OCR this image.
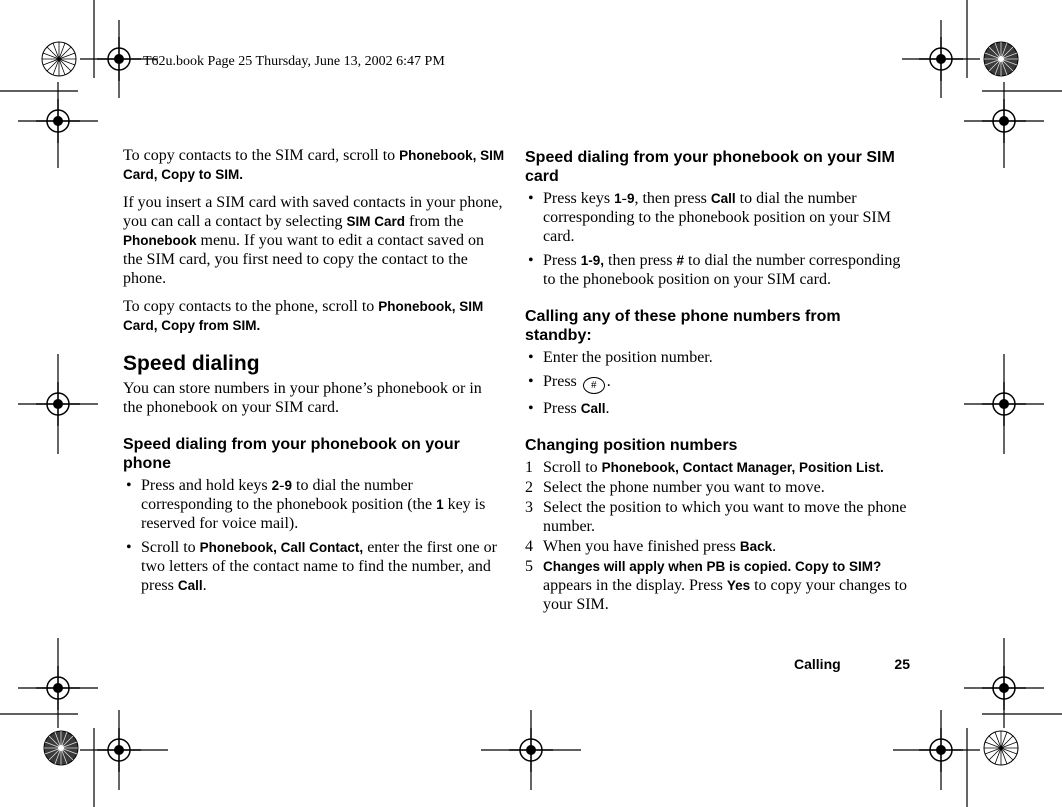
T62u.book Page 25 Thursday, June 13, 2002 6:47 PM

To copy contacts to the SIM card, scroll to Phonebook, SIM Card, Copy to SIM.

If you insert a SIM card with saved contacts in your phone, you can call a contact by selecting SIM Card from the Phonebook menu. If you want to edit a contact saved on the SIM card, you first need to copy the contact to the phone.

To copy contacts to the phone, scroll to Phonebook, SIM Card, Copy from SIM.

Speed dialing

You can store numbers in your phone’s phonebook or in the phonebook on your SIM card.

Speed dialing from your phonebook on your phone
• Press and hold keys 2-9 to dial the number corresponding to the phonebook position (the 1 key is reserved for voice mail).
• Scroll to Phonebook, Call Contact, enter the first one or two letters of the contact name to find the number, and press Call.
Speed dialing from your phonebook on your SIM card
• Press keys 1-9, then press Call to dial the number corresponding to the phonebook position on your SIM card.
• Press 1-9, then press # to dial the number corresponding to the phonebook position on your SIM card.
Calling any of these phone numbers from standby:
• Enter the position number.
• Press # .
• Press Call.
Changing position numbers
1 Scroll to Phonebook, Contact Manager, Position List.
2 Select the phone number you want to move.
3 Select the position to which you want to move the phone number.
4 When you have finished press Back.
5 Changes will apply when PB is copied. Copy to SIM? appears in the display. Press Yes to copy your changes to your SIM.
Calling	25
